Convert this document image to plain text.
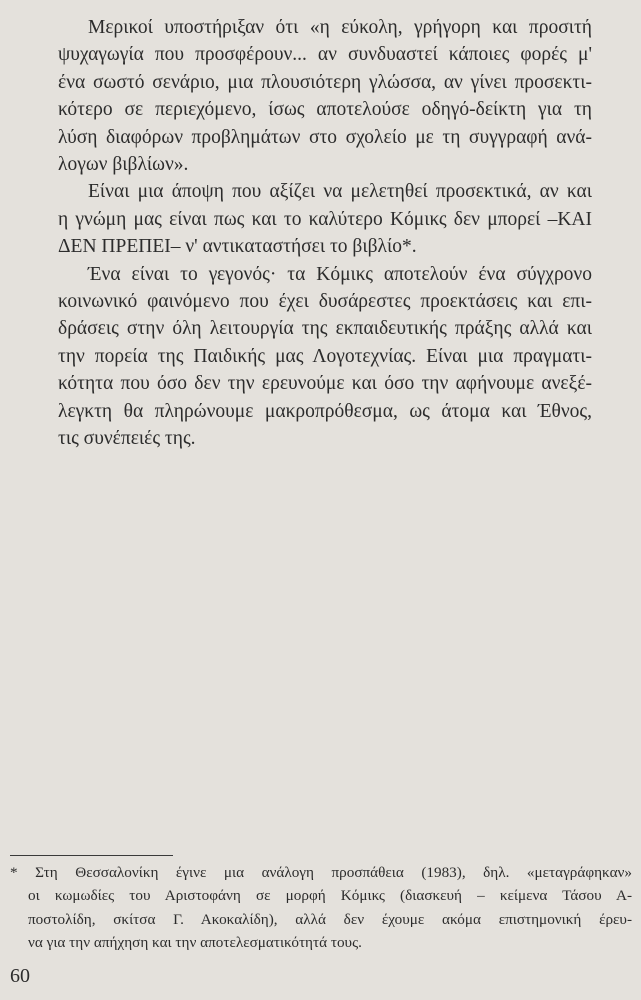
Μερικοί υποστήριξαν ότι «η εύκολη, γρήγορη και προσιτή
ψυχαγωγία που προσφέρουν... αν συνδυαστεί κάποιες φορές μ'
ένα σωστό σενάριο, μια πλουσιότερη γλώσσα, αν γίνει προσεκτι-
κότερο σε περιεχόμενο, ίσως αποτελούσε οδηγό-δείκτη για τη
λύση διαφόρων προβλημάτων στο σχολείο με τη συγγραφή ανά-
λογων βιβλίων».

Είναι μια άποψη που αξίζει να μελετηθεί προσεκτικά, αν και
η γνώμη μας είναι πως και το καλύτερο Κόμικς δεν μπορεί –ΚΑΙ
ΔΕΝ ΠΡΕΠΕΙ– ν' αντικαταστήσει το βιβλίο*.

Ένα είναι το γεγονός· τα Κόμικς αποτελούν ένα σύγχρονο
κοινωνικό φαινόμενο που έχει δυσάρεστες προεκτάσεις και επι-
δράσεις στην όλη λειτουργία της εκπαιδευτικής πράξης αλλά και
την πορεία της Παιδικής μας Λογοτεχνίας. Είναι μια πραγματι-
κότητα που όσο δεν την ερευνούμε και όσο την αφήνουμε ανεξέ-
λεγκτη θα πληρώνουμε μακροπρόθεσμα, ως άτομα και Έθνος,
τις συνέπειές της.

* Στη Θεσσαλονίκη έγινε μια ανάλογη προσπάθεια (1983), δηλ. «μεταγράφηκαν»
οι κωμωδίες του Αριστοφάνη σε μορφή Κόμικς (διασκευή – κείμενα Τάσου Α-
ποστολίδη, σκίτσα Γ. Ακοκαλίδη), αλλά δεν έχουμε ακόμα επιστημονική έρευ-
να για την απήχηση και την αποτελεσματικότητά τους.
60
